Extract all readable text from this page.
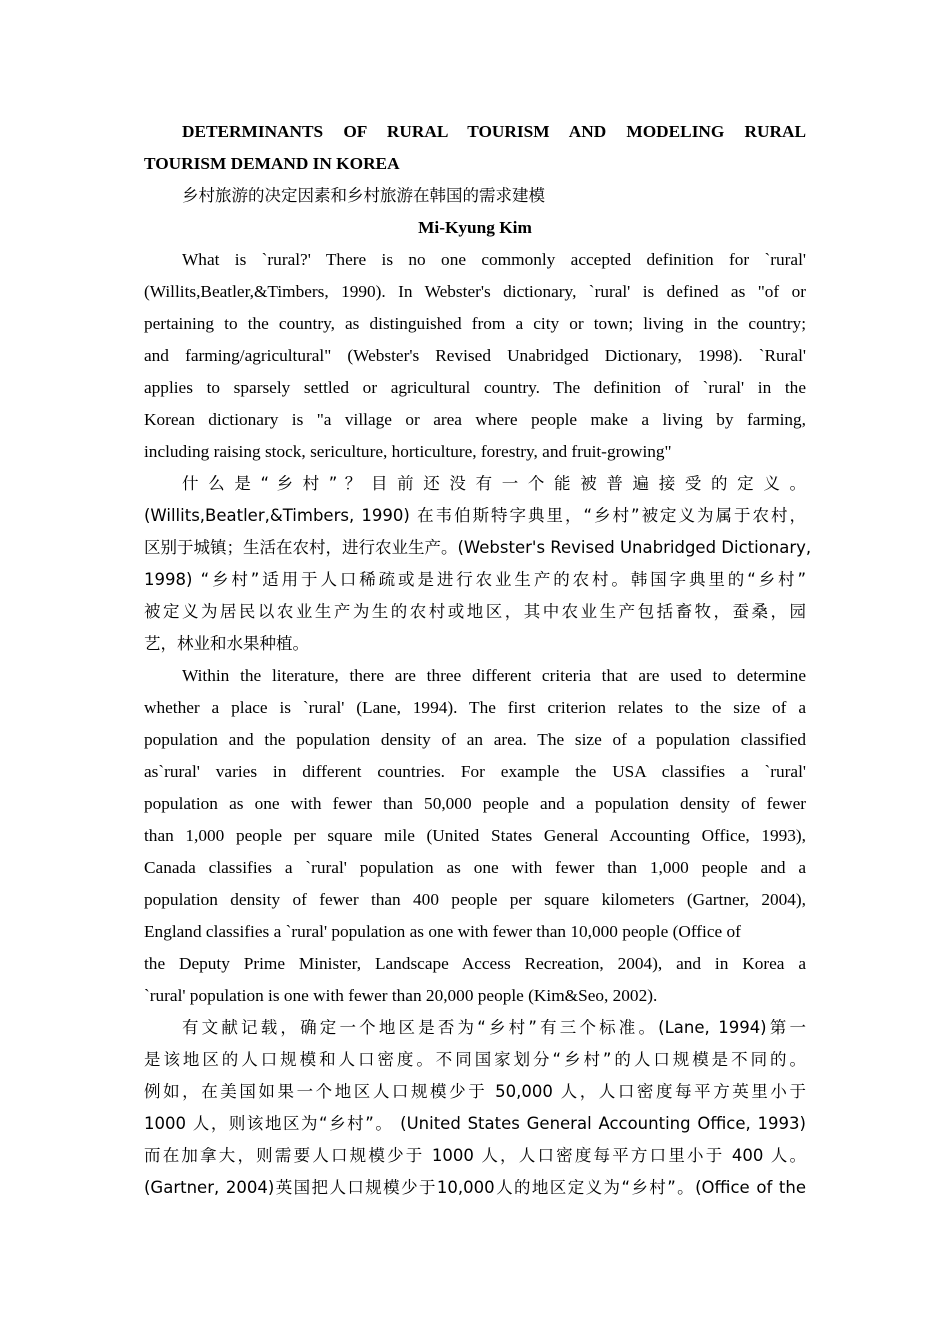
DETERMINANTS OF RURAL TOURISM AND MODELING RURAL
TOURISM DEMAND IN KOREA
乡村旅游的决定因素和乡村旅游在韩国的需求建模
Mi-Kyung Kim
What is `rural?' There is no one commonly accepted definition for `rural'
(Willits,Beatler,&Timbers, 1990). In Webster's dictionary, `rural' is defined as "of or
pertaining to the country, as distinguished from a city or town; living in the country;
and farming/agricultural" (Webster's Revised Unabridged Dictionary, 1998). `Rural'
applies to sparsely settled or agricultural country. The definition of `rural' in the
Korean dictionary is "a village or area where people make a living by farming,
including raising stock, sericulture, horticulture, forestry, and fruit-growing"
什 么 是 “ 乡 村 ” ？ 目 前 还 没 有 一 个 能 被 普 遍 接 受 的 定 义 。
(Willits,Beatler,&Timbers, 1990) 在韦伯斯特字典里，“乡村”被定义为属于农村，
区别于城镇；生活在农村，进行农业生产。(Webster's Revised Unabridged Dictionary,
1998) “乡村”适用于人口稀疏或是进行农业生产的农村。韩国字典里的“乡村”
被定义为居民以农业生产为生的农村或地区，其中农业生产包括畜牧，蚕桑，园
艺，林业和水果种植。
Within the literature, there are three different criteria that are used to determine
whether a place is `rural' (Lane, 1994). The first criterion relates to the size of a
population and the population density of an area. The size of a population classified
as`rural' varies in different countries. For example the USA classifies a `rural'
population as one with fewer than 50,000 people and a population density of fewer
than 1,000 people per square mile (United States General Accounting Office, 1993),
Canada classifies a `rural' population as one with fewer than 1,000 people and a
population density of fewer than 400 people per square kilometers (Gartner, 2004),
England classifies a `rural' population as one with fewer than 10,000 people (Office of
the Deputy Prime Minister, Landscape Access Recreation, 2004), and in Korea a
`rural' population is one with fewer than 20,000 people (Kim&Seo, 2002).
有文献记载，确定一个地区是否为“乡村”有三个标准。(Lane, 1994)第一
是该地区的人口规模和人口密度。不同国家划分“乡村”的人口规模是不同的。
例如，在美国如果一个地区人口规模少于 50,000 人，人口密度每平方英里小于
1000 人，则该地区为“乡村”。 (United States General Accounting Office, 1993)
而在加拿大，则需要人口规模少于 1000 人，人口密度每平方口里小于 400 人。
(Gartner, 2004)英国把人口规模少于10,000人的地区定义为“乡村”。(Office of the
